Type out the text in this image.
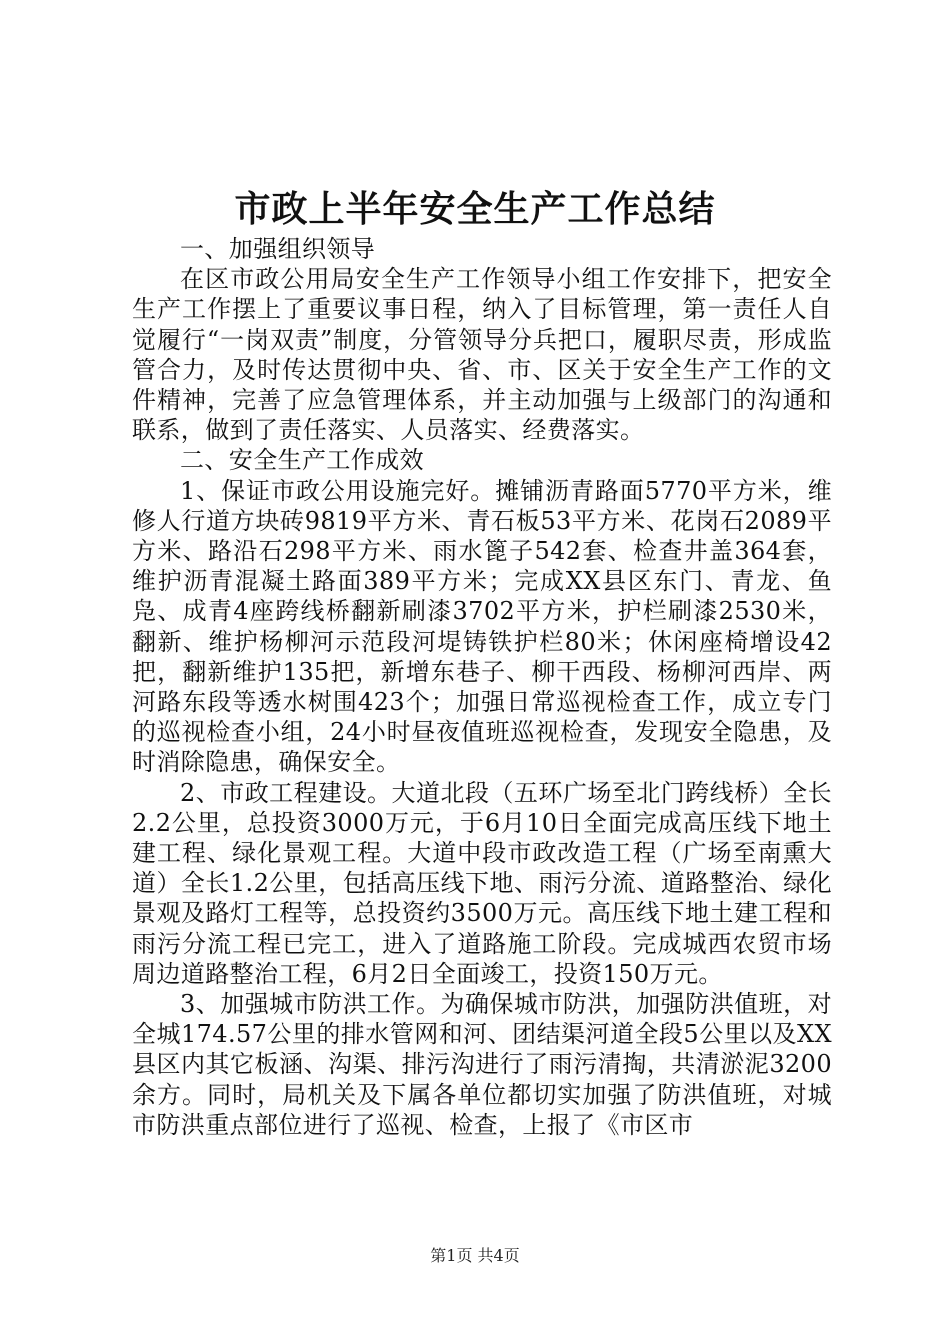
市政上半年安全生产工作总结

一、加强组织领导

在区市政公用局安全生产工作领导小组工作安排下，把安全生产工作摆上了重要议事日程，纳入了目标管理，第一责任人自觉履行“一岗双责”制度，分管领导分兵把口，履职尽责，形成监管合力，及时传达贯彻中央、省、市、区关于安全生产工作的文件精神，完善了应急管理体系，并主动加强与上级部门的沟通和联系，做到了责任落实、人员落实、经费落实。

二、安全生产工作成效

1、保证市政公用设施完好。摊铺沥青路面5770平方米，维修人行道方块砖9819平方米、青石板53平方米、花岗石2089平方米、路沿石298平方米、雨水篦子542套、检查井盖364套，维护沥青混凝土路面389平方米；完成XX县区东门、青龙、鱼凫、成青4座跨线桥翻新刷漆3702平方米，护栏刷漆2530米，翻新、维护杨柳河示范段河堤铸铁护栏80米；休闲座椅增设42把，翻新维护135把，新增东巷子、柳干西段、杨柳河西岸、两河路东段等透水树围423个；加强日常巡视检查工作，成立专门的巡视检查小组，24小时昼夜值班巡视检查，发现安全隐患，及时消除隐患，确保安全。

2、市政工程建设。大道北段（五环广场至北门跨线桥）全长2.2公里，总投资3000万元，于6月10日全面完成高压线下地土建工程、绿化景观工程。大道中段市政改造工程（广场至南熏大道）全长1.2公里，包括高压线下地、雨污分流、道路整治、绿化景观及路灯工程等，总投资约3500万元。高压线下地土建工程和雨污分流工程已完工，进入了道路施工阶段。完成城西农贸市场周边道路整治工程，6月2日全面竣工，投资150万元。

3、加强城市防洪工作。为确保城市防洪，加强防洪值班，对全城174.57公里的排水管网和河、团结渠河道全段5公里以及XX县区内其它板涵、沟渠、排污沟进行了雨污清掏，共清淤泥3200余方。同时，局机关及下属各单位都切实加强了防洪值班，对城市防洪重点部位进行了巡视、检查，上报了《市区市

第1页 共4页
